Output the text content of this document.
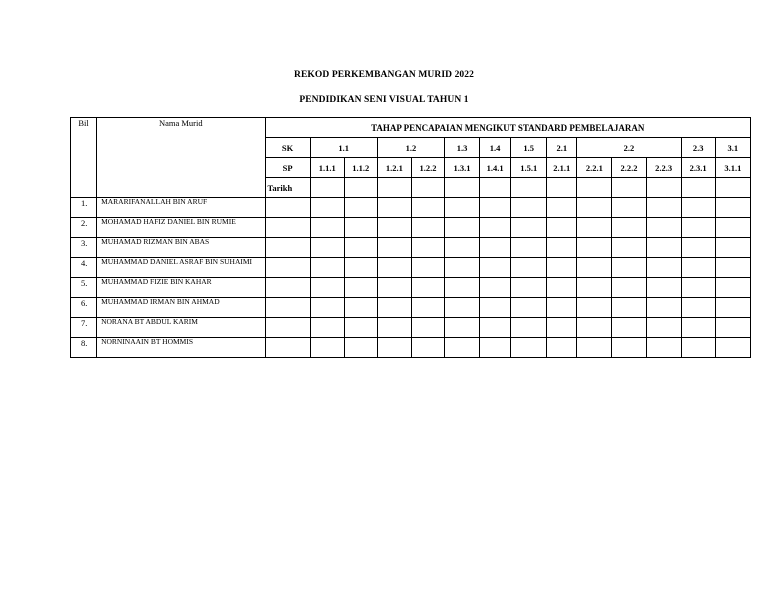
REKOD PERKEMBANGAN MURID 2022
PENDIDIKAN SENI VISUAL TAHUN 1
Bil	Nama Murid	TAHAP PENCAPAIAN MENGIKUT STANDARD PEMBELAJARAN													
		SK	1.1		1.2		1.3	1.4	1.5	2.1	2.2			2.3	3.1
		SP	1.1.1	1.1.2	1.2.1	1.2.2	1.3.1	1.4.1	1.5.1	2.1.1	2.2.1	2.2.2	2.2.3	2.3.1	3.1.1
		Tarikh													
1.	MARARIFANALLAH BIN ARUF														
2.	MOHAMAD HAFIZ DANIEL BIN RUMIE														
3.	MUHAMAD RIZMAN BIN ABAS														
4.	MUHAMMAD DANIEL ASRAF BIN SUHAIMI														
5.	MUHAMMAD FIZIE BIN KAHAR														
6.	MUHAMMAD IRMAN BIN AHMAD														
7.	NORANA BT ABDUL KARIM														
8.	NORNINAAIN BT HOMMIS														
